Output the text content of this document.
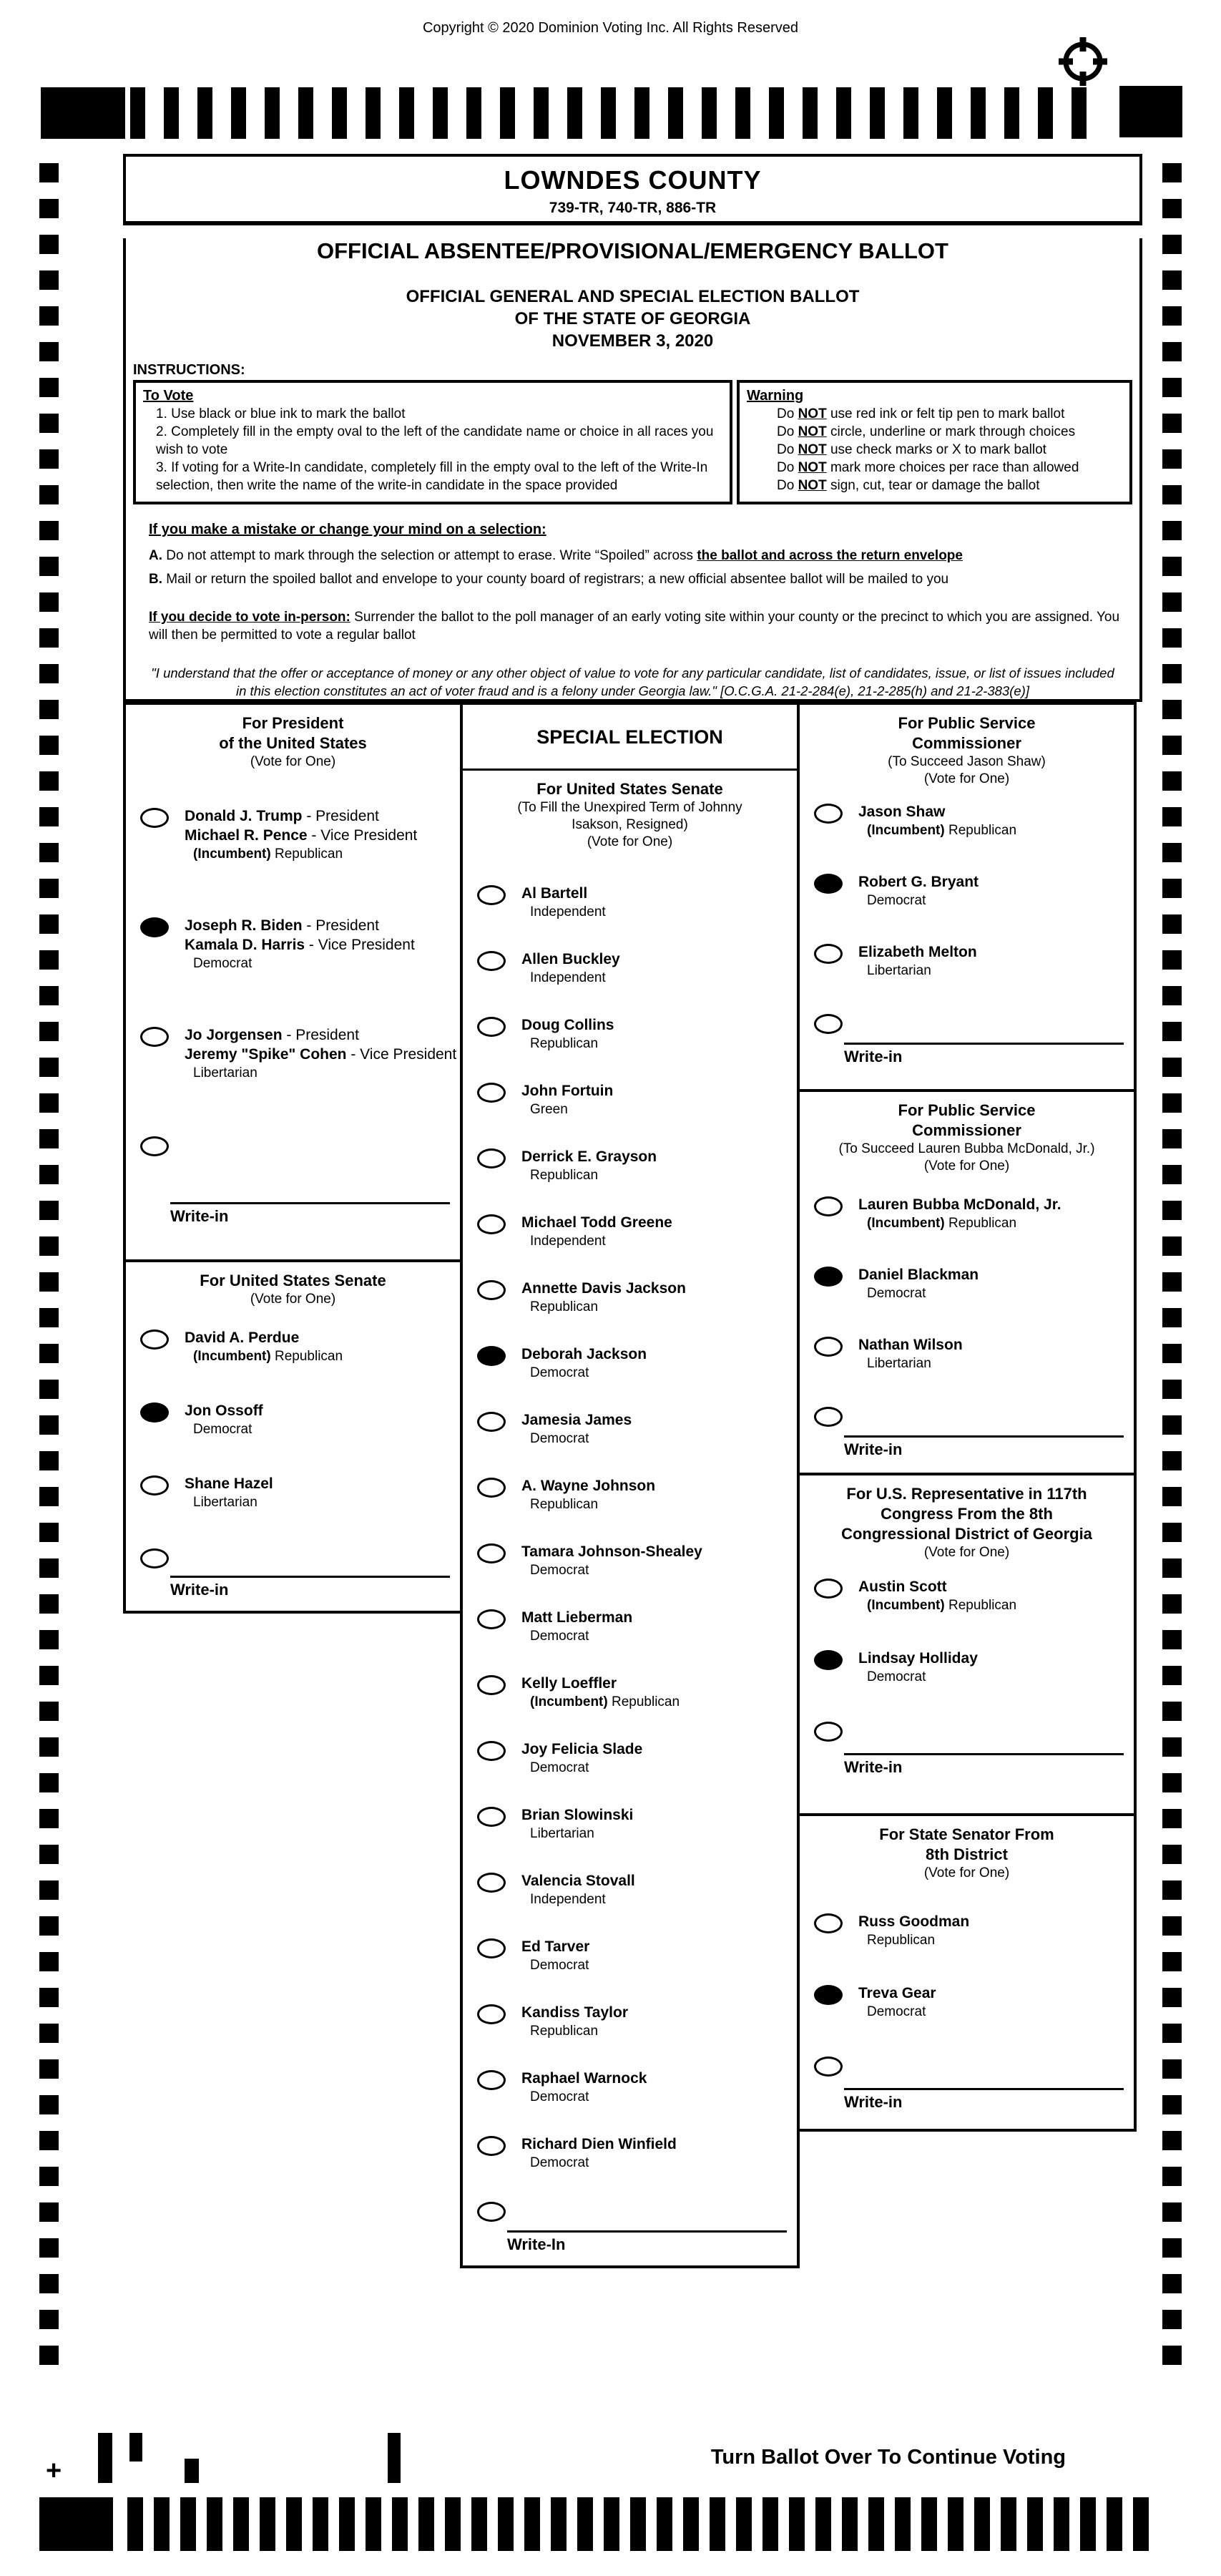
Copyright © 2020 Dominion Voting Inc. All Rights Reserved
LOWNDES COUNTY
739-TR, 740-TR, 886-TR
OFFICIAL ABSENTEE/PROVISIONAL/EMERGENCY BALLOT
OFFICIAL GENERAL AND SPECIAL ELECTION BALLOT
OF THE STATE OF GEORGIA
NOVEMBER 3, 2020
INSTRUCTIONS:
To Vote
1. Use black or blue ink to mark the ballot
2. Completely fill in the empty oval to the left of the candidate name or choice in all races you wish to vote
3. If voting for a Write-In candidate, completely fill in the empty oval to the left of the Write-In selection, then write the name of the write-in candidate in the space provided
Warning
Do NOT use red ink or felt tip pen to mark ballot
Do NOT circle, underline or mark through choices
Do NOT use check marks or X to mark ballot
Do NOT mark more choices per race than allowed
Do NOT sign, cut, tear or damage the ballot
If you make a mistake or change your mind on a selection:
A. Do not attempt to mark through the selection or attempt to erase. Write “Spoiled” across the ballot and across the return envelope
B. Mail or return the spoiled ballot and envelope to your county board of registrars; a new official absentee ballot will be mailed to you
If you decide to vote in-person: Surrender the ballot to the poll manager of an early voting site within your county or the precinct to which you are assigned. You will then be permitted to vote a regular ballot
"I understand that the offer or acceptance of money or any other object of value to vote for any particular candidate, list of candidates, issue, or list of issues included in this election constitutes an act of voter fraud and is a felony under Georgia law." [O.C.G.A. 21-2-284(e), 21-2-285(h) and 21-2-383(e)]
For President
of the United States
(Vote for One)
Donald J. Trump - President
Michael R. Pence - Vice President
(Incumbent) Republican
Joseph R. Biden - President
Kamala D. Harris - Vice President
Democrat
Jo Jorgensen - President
Jeremy "Spike" Cohen - Vice President
Libertarian
Write-in
For United States Senate
(Vote for One)
David A. Perdue
(Incumbent) Republican
Jon Ossoff
Democrat
Shane Hazel
Libertarian
Write-in
SPECIAL ELECTION
For United States Senate
(To Fill the Unexpired Term of Johnny
Isakson, Resigned)
(Vote for One)
Al Bartell
Independent
Allen Buckley
Independent
Doug Collins
Republican
John Fortuin
Green
Derrick E. Grayson
Republican
Michael Todd Greene
Independent
Annette Davis Jackson
Republican
Deborah Jackson
Democrat
Jamesia James
Democrat
A. Wayne Johnson
Republican
Tamara Johnson-Shealey
Democrat
Matt Lieberman
Democrat
Kelly Loeffler
(Incumbent) Republican
Joy Felicia Slade
Democrat
Brian Slowinski
Libertarian
Valencia Stovall
Independent
Ed Tarver
Democrat
Kandiss Taylor
Republican
Raphael Warnock
Democrat
Richard Dien Winfield
Democrat
Write-In
For Public Service
Commissioner
(To Succeed Jason Shaw)
(Vote for One)
Jason Shaw
(Incumbent) Republican
Robert G. Bryant
Democrat
Elizabeth Melton
Libertarian
Write-in
For Public Service
Commissioner
(To Succeed Lauren Bubba McDonald, Jr.)
(Vote for One)
Lauren Bubba McDonald, Jr.
(Incumbent) Republican
Daniel Blackman
Democrat
Nathan Wilson
Libertarian
Write-in
For U.S. Representative in 117th
Congress From the 8th
Congressional District of Georgia
(Vote for One)
Austin Scott
(Incumbent) Republican
Lindsay Holliday
Democrat
Write-in
For State Senator From
8th District
(Vote for One)
Russ Goodman
Republican
Treva Gear
Democrat
Write-in
+
33	Turn Ballot Over To Continue Voting
